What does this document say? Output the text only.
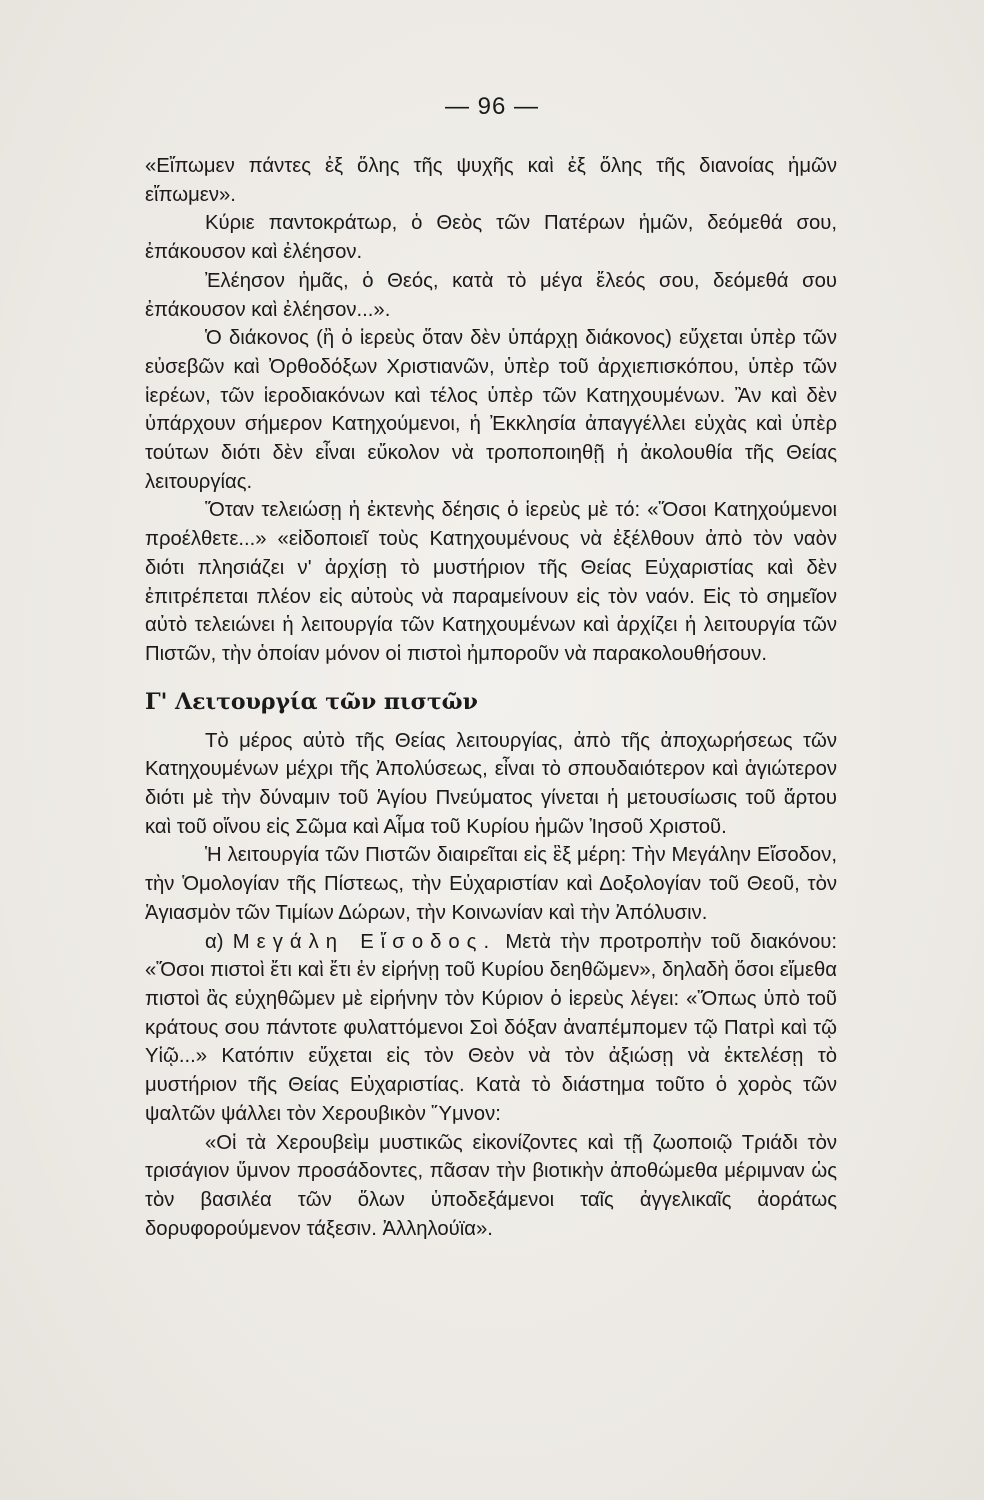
— 96 —

«Εἴπωμεν πάντες ἐξ ὅλης τῆς ψυχῆς καὶ ἐξ ὅλης τῆς διανοίας ἡμῶν εἴπωμεν».

Κύριε παντοκράτωρ, ὁ Θεὸς τῶν Πατέρων ἡμῶν, δεόμεθά σου, ἐπάκουσον καὶ ἐλέησον.

Ἐλέησον ἡμᾶς, ὁ Θεός, κατὰ τὸ μέγα ἔλεός σου, δεόμεθά σου ἐπάκουσον καὶ ἐλέησον...».

Ὁ διάκονος (ἢ ὁ ἱερεὺς ὅταν δὲν ὑπάρχῃ διάκονος) εὔχεται ὑπὲρ τῶν εὐσεβῶν καὶ Ὀρθοδόξων Χριστιανῶν, ὑπὲρ τοῦ ἀρχιεπισκόπου, ὑπὲρ τῶν ἱερέων, τῶν ἱεροδιακόνων καὶ τέλος ὑπὲρ τῶν Κατηχουμένων. Ἂν καὶ δὲν ὑπάρχουν σήμερον Κατηχούμενοι, ἡ Ἐκκλησία ἀπαγγέλλει εὐχὰς καὶ ὑπὲρ τούτων διότι δὲν εἶναι εὔκολον νὰ τροποποιηθῇ ἡ ἀκολουθία τῆς Θείας λειτουργίας.

Ὅταν τελειώσῃ ἡ ἐκτενὴς δέησις ὁ ἱερεὺς μὲ τό: «Ὅσοι Κατηχούμενοι προέλθετε...» «εἰδοποιεῖ τοὺς Κατηχουμένους νὰ ἐξέλθουν ἀπὸ τὸν ναὸν διότι πλησιάζει ν' ἀρχίσῃ τὸ μυστήριον τῆς Θείας Εὐχαριστίας καὶ δὲν ἐπιτρέπεται πλέον εἰς αὐτοὺς νὰ παραμείνουν εἰς τὸν ναόν. Εἰς τὸ σημεῖον αὐτὸ τελειώνει ἡ λειτουργία τῶν Κατηχουμένων καὶ ἀρχίζει ἡ λειτουργία τῶν Πιστῶν, τὴν ὁποίαν μόνον οἱ πιστοὶ ἠμποροῦν νὰ παρακολουθήσουν.

Γ' Λειτουργία τῶν πιστῶν

Τὸ μέρος αὐτὸ τῆς Θείας λειτουργίας, ἀπὸ τῆς ἀποχωρήσεως τῶν Κατηχουμένων μέχρι τῆς Ἀπολύσεως, εἶναι τὸ σπουδαιότερον καὶ ἁγιώτερον διότι μὲ τὴν δύναμιν τοῦ Ἁγίου Πνεύματος γίνεται ἡ μετουσίωσις τοῦ ἄρτου καὶ τοῦ οἴνου εἰς Σῶμα καὶ Αἷμα τοῦ Κυρίου ἡμῶν Ἰησοῦ Χριστοῦ.

Ἡ λειτουργία τῶν Πιστῶν διαιρεῖται εἰς ἓξ μέρη: Τὴν Μεγάλην Εἴσοδον, τὴν Ὁμολογίαν τῆς Πίστεως, τὴν Εὐχαριστίαν καὶ Δοξολογίαν τοῦ Θεοῦ, τὸν Ἁγιασμὸν τῶν Τιμίων Δώρων, τὴν Κοινωνίαν καὶ τὴν Ἀπόλυσιν.

α) Μεγάλη Εἴσοδος. Μετὰ τὴν προτροπὴν τοῦ διακόνου: «Ὅσοι πιστοὶ ἔτι καὶ ἔτι ἐν εἰρήνῃ τοῦ Κυρίου δεηθῶμεν», δηλαδὴ ὅσοι εἴμεθα πιστοὶ ἂς εὐχηθῶμεν μὲ εἰρήνην τὸν Κύριον ὁ ἱερεὺς λέγει: «Ὅπως ὑπὸ τοῦ κράτους σου πάντοτε φυλαττόμενοι Σοὶ δόξαν ἀναπέμπομεν τῷ Πατρὶ καὶ τῷ Υἱῷ...» Κατόπιν εὔχεται εἰς τὸν Θεὸν νὰ τὸν ἀξιώσῃ νὰ ἐκτελέσῃ τὸ μυστήριον τῆς Θείας Εὐχαριστίας. Κατὰ τὸ διάστημα τοῦτο ὁ χορὸς τῶν ψαλτῶν ψάλλει τὸν Χερουβικὸν Ὕμνον:

«Οἱ τὰ Χερουβεὶμ μυστικῶς εἰκονίζοντες καὶ τῇ ζωοποιῷ Τριάδι τὸν τρισάγιον ὕμνον προσάδοντες, πᾶσαν τὴν βιοτικὴν ἀποθώμεθα μέριμναν ὡς τὸν βασιλέα τῶν ὅλων ὑποδεξάμενοι ταῖς ἀγγελικαῖς ἀοράτως δορυφορούμενον τάξεσιν. Ἀλληλούϊα».
